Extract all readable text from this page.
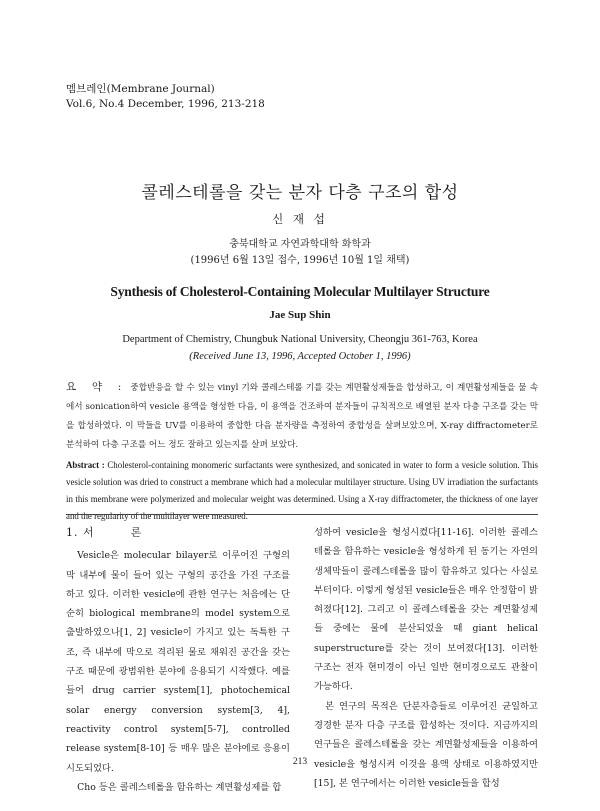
멤브레인(Membrane Journal)
Vol.6, No.4 December, 1996, 213-218
콜레스테롤을 갖는 분자 다층 구조의 합성
신 재 섭
충북대학교 자연과학대학 화학과
(1996년 6월 13일 접수, 1996년 10월 1일 채택)
Synthesis of Cholesterol-Containing Molecular Multilayer Structure
Jae Sup Shin
Department of Chemistry, Chungbuk National University, Cheongju 361-763, Korea
(Received June 13, 1996, Accepted October 1, 1996)
요 약 : 중합반응을 할 수 있는 vinyl 기와 콜레스테롤 기를 갖는 계면활성제들을 합성하고, 이 계면활성제들을 물 속에서 sonication하여 vesicle 용액을 형성한 다음, 이 용액을 건조하여 분자들이 규칙적으로 배열된 분자 다층 구조를 갖는 막을 합성하였다. 이 막들을 UV를 이용하여 중합한 다음 분자량을 측정하여 중합성을 살펴보았으며, X-ray diffractometer로 분석하여 다층 구조를 어느 정도 잘하고 있는지를 살펴 보았다.
Abstract : Cholesterol-containing monomeric surfactants were synthesized, and sonicated in water to form a vesicle solution. This vesicle solution was dried to construct a membrane which had a molecular multilayer structure. Using UV irradiation the surfactants in this membrane were polymerized and molecular weight was determined. Using a X-ray diffractometer, the thickness of one layer and the regularity of the multilayer were measured.

1. 서	론

Vesicle은 molecular bilayer로 이루어진 구형의 막 내부에 물이 들어 있는 구형의 공간을 가진 구조를 하고 있다. 이러한 vesicle에 관한 연구는 처음에는 단순히 biological membrane의 model system으로 출발하였으나[1, 2] vesicle이 가지고 있는 독특한 구조, 즉 내부에 막으로 격리된 물로 채워진 공간을 갖는 구조 때문에 광범위한 분야에 응용되기 시작했다. 예를 들어 drug carrier system[1], photochemical solar energy conversion system[3, 4], reactivity control system[5-7], controlled release system[8-10] 등 매우 많은 분야에로 응용이 시도되었다.

Cho 등은 콜레스테롤을 함유하는 계면활성제를 합

성하여 vesicle을 형성시켰다[11-16]. 이러한 콜레스테롤을 함유하는 vesicle을 형성하게 된 동기는 자연의 생체막들이 콜레스테롤을 많이 함유하고 있다는 사실로 부터이다. 이렇게 형성된 vesicle들은 매우 안정함이 밝혀졌다[12]. 그리고 이 콜레스테롤을 갖는 계면활성제들 중에는 물에 분산되었을 때 giant helical superstructure를 갖는 것이 보여졌다[13]. 이러한 구조는 전자 현미경이 아닌 일반 현미경으로도 관찰이 가능하다.

본 연구의 목적은 단분자층들로 이루어진 균일하고 경경한 분자 다층 구조를 합성하는 것이다. 지금까지의 연구들은 콜레스테롤을 갖는 계면활성제들을 이용하여 vesicle을 형성시켜 이것을 용액 상태로 이용하였지만[15], 본 연구에서는 이러한 vesicle들을 합성

213
